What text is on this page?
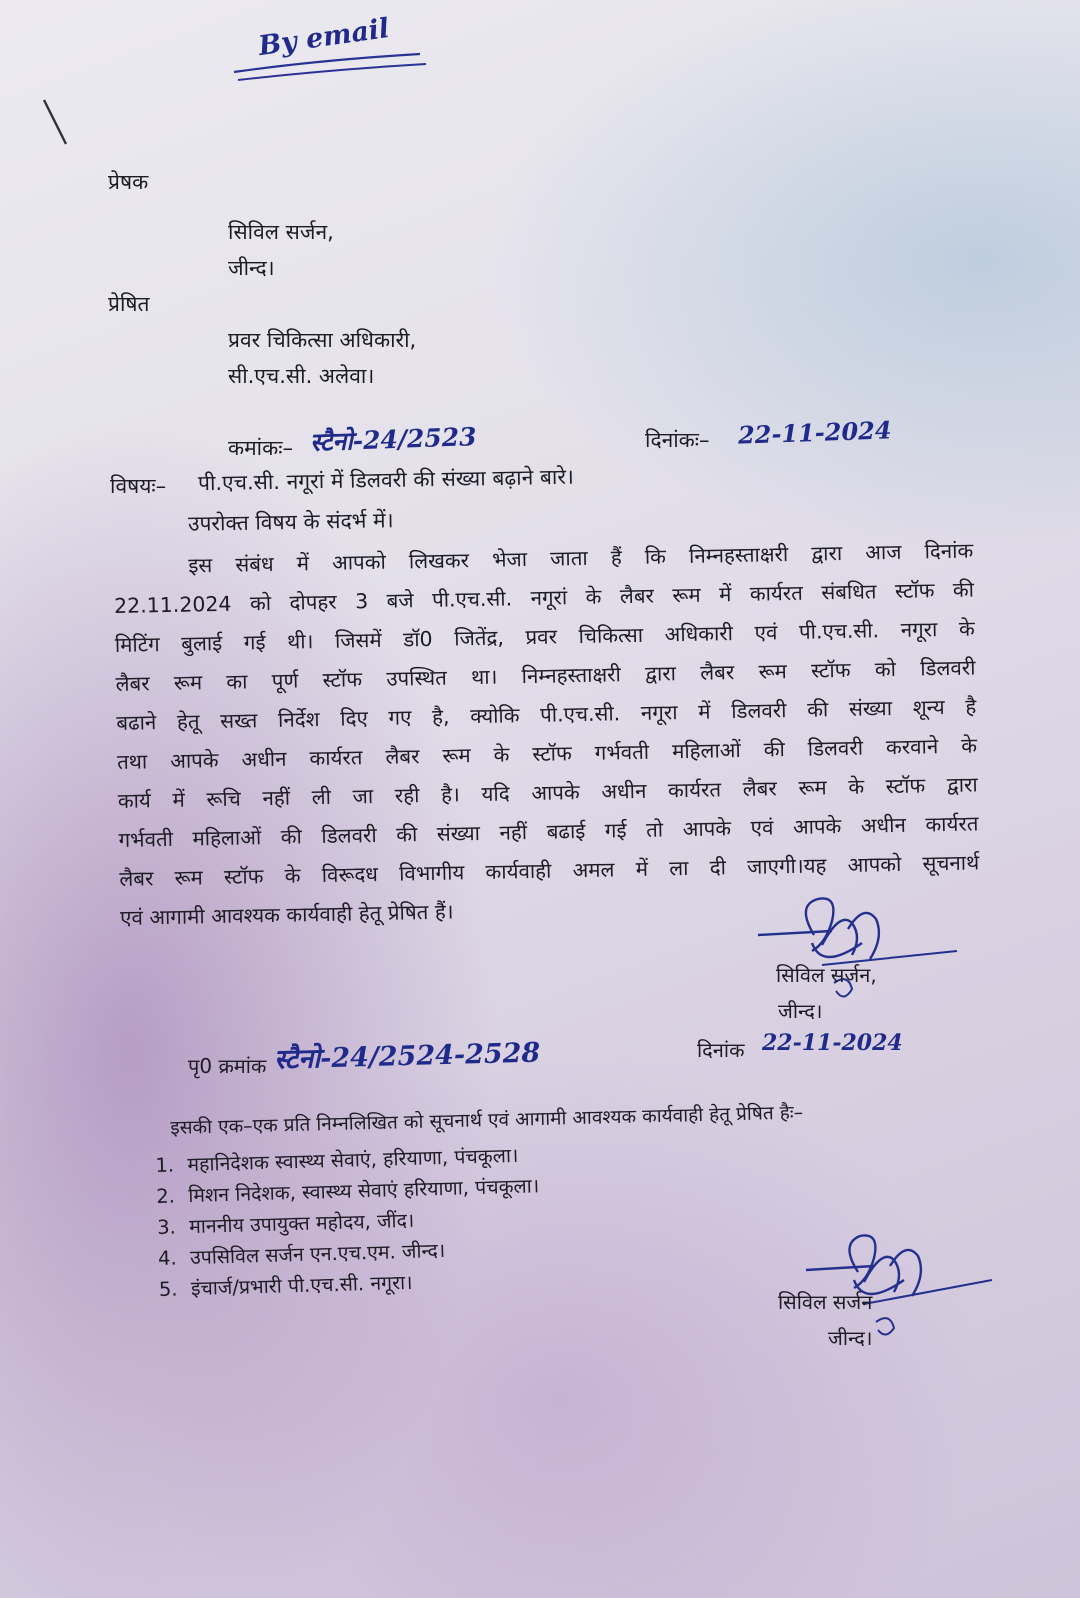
By email
प्रेषक
सिविल सर्जन,
जीन्द।
प्रेषित
प्रवर चिकित्सा अधिकारी,
सी.एच.सी. अलेवा।
कमांकः– स्टैनो-24/2523	दिनांकः– 22-11-2024
विषयः– पी.एच.सी. नगूरां में डिलवरी की संख्या बढ़ाने बारे।
उपरोक्त विषय के संदर्भ में।
इस संबंध में आपको लिखकर भेजा जाता हैं कि निम्नहस्ताक्षरी द्वारा आज दिनांक
22.11.2024 को दोपहर 3 बजे पी.एच.सी. नगूरां के लैबर रूम में कार्यरत संबधित स्टॉफ की
मिटिंग बुलाई गई थी। जिसमें डॉ0 जितेंद्र, प्रवर चिकित्सा अधिकारी एवं पी.एच.सी. नगूरा के
लैबर रूम का पूर्ण स्टॉफ उपस्थित था। निम्नहस्ताक्षरी द्वारा लैबर रूम स्टॉफ को डिलवरी
बढाने हेतू सख्त निर्देश दिए गए है, क्योकि पी.एच.सी. नगूरा में डिलवरी की संख्या शून्य है
तथा आपके अधीन कार्यरत लैबर रूम के स्टॉफ गर्भवती महिलाओं की डिलवरी करवाने के
कार्य में रूचि नहीं ली जा रही है। यदि आपके अधीन कार्यरत लैबर रूम के स्टॉफ द्वारा
गर्भवती महिलाओं की डिलवरी की संख्या नहीं बढाई गई तो आपके एवं आपके अधीन कार्यरत
लैबर रूम स्टॉफ के विरूदध विभागीय कार्यवाही अमल में ला दी जाएगी।यह आपको सूचनार्थ
एवं आगामी आवश्यक कार्यवाही हेतू प्रेषित हैं।
सिविल सर्जन,
जीन्द।
पृ0 क्रमांक स्टैनो-24/2524-2528	दिनांक 22-11-2024
इसकी एक–एक प्रति निम्नलिखित को सूचनार्थ एवं आगामी आवश्यक कार्यवाही हेतू प्रेषित हैः–
1. महानिदेशक स्वास्थ्य सेवाएं, हरियाणा, पंचकूला।
2. मिशन निदेशक, स्वास्थ्य सेवाएं हरियाणा, पंचकूला।
3. माननीय उपायुक्त महोदय, जींद।
4. उपसिविल सर्जन एन.एच.एम. जीन्द।
5. इंचार्ज/प्रभारी पी.एच.सी. नगूरा।
सिविल सर्जन
जीन्द।
